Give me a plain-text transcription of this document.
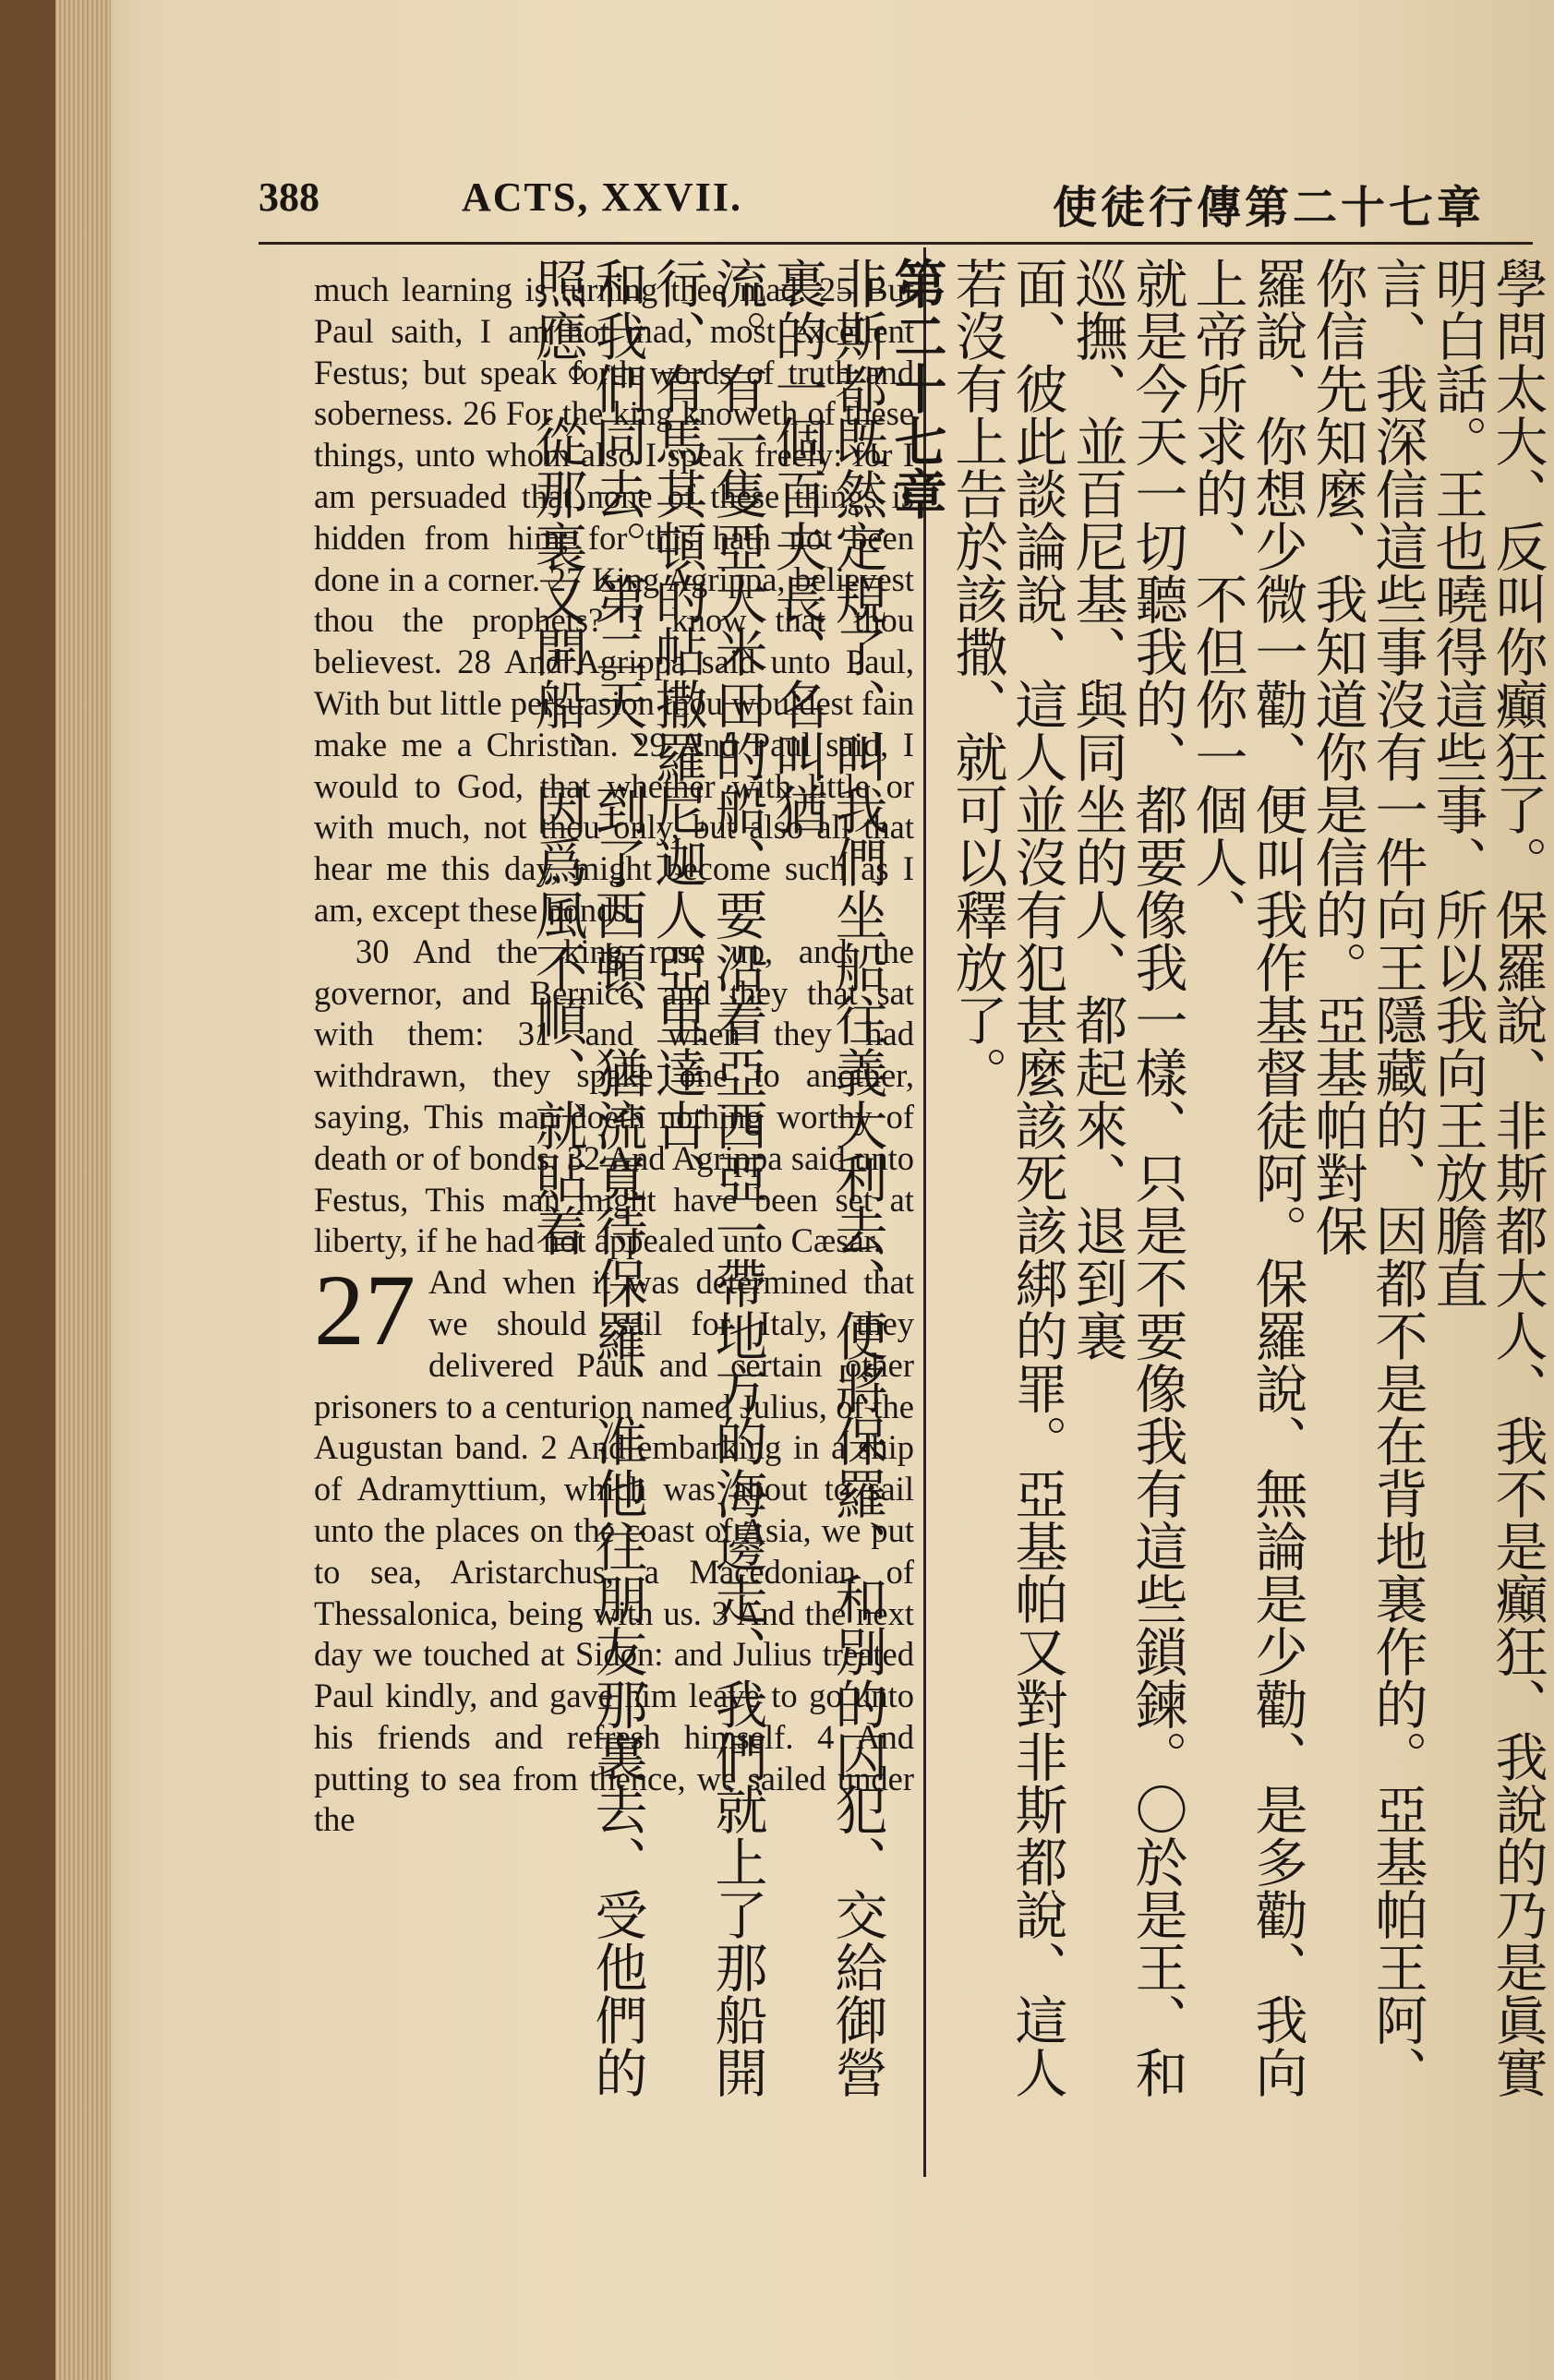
388	ACTS, XXVII.	使徒行傳第二十七章

much learning is turning thee mad. 25 But Paul saith, I am not mad, most excellent Festus; but speak forth words of truth and soberness. 26 For the king knoweth of these things, unto whom also I speak freely: for I am persuaded that none of these things is hidden from him; for this hath not been done in a corner. 27 King Agrippa, believest thou the prophets? I know that thou believest. 28 And Agrippa said unto Paul, With but little persuasion thou wouldest fain make me a Christian. 29 And Paul said, I would to God, that whether with little or with much, not thou only, but also all that hear me this day, might become such as I am, except these bonds.

30 And the king rose up, and the governor, and Bernice, and they that sat with them: 31 and when they had withdrawn, they spake one to another, saying, This man doeth nothing worthy of death or of bonds. 32 And Agrippa said unto Festus, This man might have been set at liberty, if he had not appealed unto Cæsar.

27 And when it was determined that we should sail for Italy, they delivered Paul and certain other prisoners to a centurion named Julius, of the Augustan band. 2 And embarking in a ship of Adramyttium, which was about to sail unto the places on the coast of Asia, we put to sea, Aristarchus, a Macedonian of Thessalonica, being with us. 3 And the next day we touched at Sidon: and Julius treated Paul kindly, and gave him leave to go unto his friends and refresh himself. 4 And putting to sea from thence, we sailed under the	學問太大、反叫你癲狂了。保羅說、非斯都大人、我不是癲狂、我說的乃是眞實明白話。王也曉得這些事、所以我向王放膽直
言、我深信這些事沒有一件向王隱藏的、因都不是在背地裏作的。亞基帕王阿、你信先知麼、我知道你是信的。亞基帕對保
羅說、你想少微一勸、便叫我作基督徒阿。保羅說、無論是少勸、是多勸、我向上帝所求的、不但你一個人、
就是今天一切聽我的、都要像我一樣、只是不要像我有這些鎖鍊。〇於是王、和巡撫、並百尼基、與同坐的人、都起來、退到裏
面、彼此談論說、這人並沒有犯甚麼該死該綁的罪。亞基帕又對非斯都說、這人若沒有上告於該撒、就可以釋放了。
第二十七章
非斯都既然定規了、叫我們坐船往義大利去、便將保羅、和別的囚犯、交給御營裏的一個百夫長、名叫猶
流。有一隻亞大米田的船、要沿着亞西亞一帶地方的海邊走、我們就上了那船開行、有馬其頓的帖撒羅尼迦人亞里達古、
和我們同去。第二天、到了西頓、猶流寬待保羅、准他往朋友那裏去、受他們的照應。從那裏又開船、因爲風不順、就貼着
